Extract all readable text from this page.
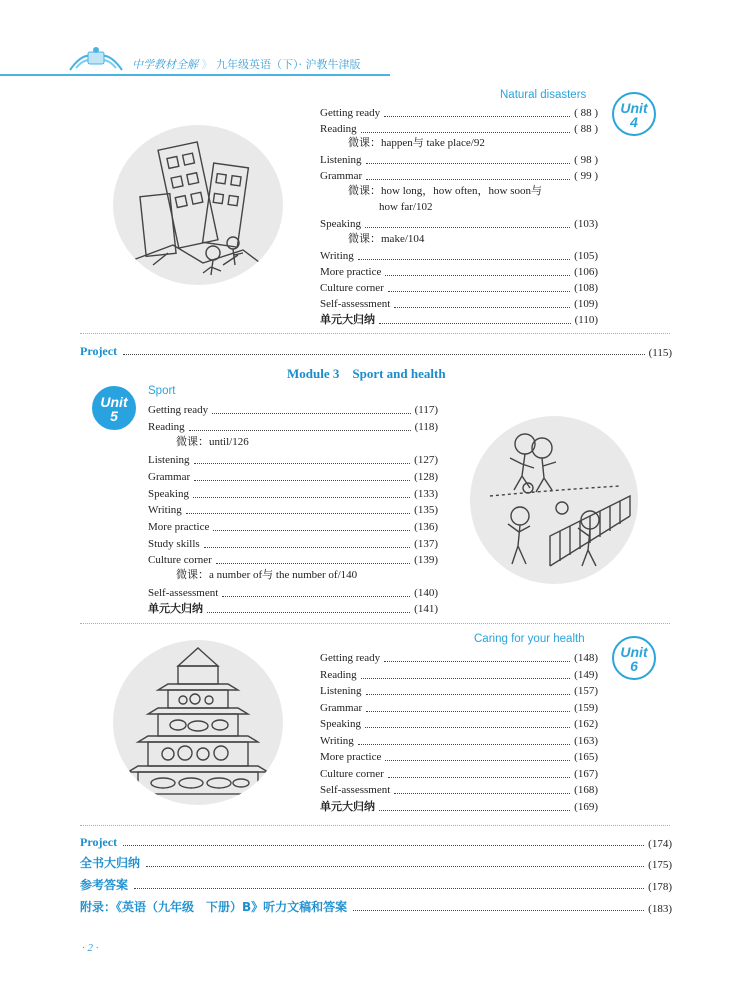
中学教材全解 》 九年级英语（下）· 沪教牛津版
Natural disasters
Unit
4
Getting ready	( 88 )
Reading	( 88 )
微课：happen与 take place/92
Listening	( 98 )
Grammar	( 99 )
微课：how long，how often，how soon与
how far/102
Speaking	(103)
微课：make/104
Writing	(105)
More practice	(106)
Culture corner	(108)
Self-assessment	(109)
单元大归纳	(110)
Project	(115)
Module 3    Sport and health
Unit
5
Sport
Getting ready	(117)
Reading	(118)
微课：until/126
Listening	(127)
Grammar	(128)
Speaking	(133)
Writing	(135)
More practice	(136)
Study skills	(137)
Culture corner	(139)
微课：a number of与 the number of/140
Self-assessment	(140)
单元大归纳	(141)
Caring for your health
Unit
6
Getting ready	(148)
Reading	(149)
Listening	(157)
Grammar	(159)
Speaking	(162)
Writing	(163)
More practice	(165)
Culture corner	(167)
Self-assessment	(168)
单元大归纳	(169)
Project	(174)
全书大归纳	(175)
参考答案	(178)
附录：《英语（九年级　下册）B》听力文稿和答案	(183)
· 2 ·
